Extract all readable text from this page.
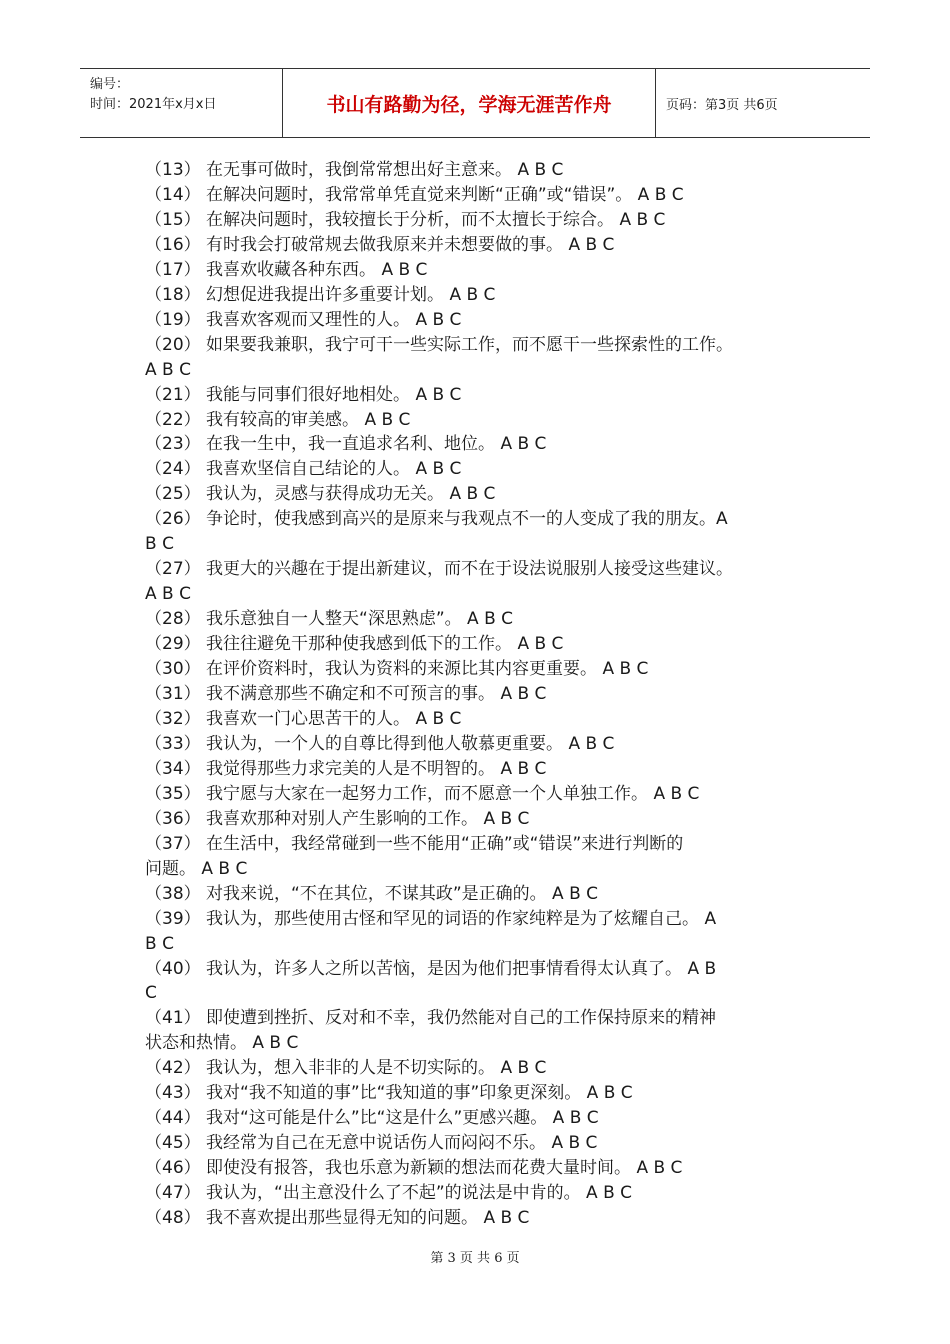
编号：
时间：2021年x月x日	书山有路勤为径，学海无涯苦作舟	页码：第3页 共6页

（13） 在无事可做时，我倒常常想出好主意来。 A B C

（14） 在解决问题时，我常常单凭直觉来判断“正确”或“错误”。 A B C

（15） 在解决问题时，我较擅长于分析，而不太擅长于综合。 A B C

（16） 有时我会打破常规去做我原来并未想要做的事。 A B C

（17） 我喜欢收藏各种东西。 A B C

（18） 幻想促进我提出许多重要计划。 A B C

（19） 我喜欢客观而又理性的人。 A B C

（20） 如果要我兼职，我宁可干一些实际工作，而不愿干一些探索性的工作。

A B C

（21） 我能与同事们很好地相处。 A B C

（22） 我有较高的审美感。 A B C

（23） 在我一生中，我一直追求名利、地位。 A B C

（24） 我喜欢坚信自己结论的人。 A B C

（25） 我认为，灵感与获得成功无关。 A B C

（26） 争论时，使我感到高兴的是原来与我观点不一的人变成了我的朋友。A

B C

（27） 我更大的兴趣在于提出新建议，而不在于设法说服别人接受这些建议。

A B C

（28） 我乐意独自一人整天“深思熟虑”。 A B C

（29） 我往往避免干那种使我感到低下的工作。 A B C

（30） 在评价资料时，我认为资料的来源比其内容更重要。 A B C

（31） 我不满意那些不确定和不可预言的事。 A B C

（32） 我喜欢一门心思苦干的人。 A B C

（33） 我认为，一个人的自尊比得到他人敬慕更重要。 A B C

（34） 我觉得那些力求完美的人是不明智的。 A B C

（35） 我宁愿与大家在一起努力工作，而不愿意一个人单独工作。 A B C

（36） 我喜欢那种对别人产生影响的工作。 A B C

（37） 在生活中，我经常碰到一些不能用“正确”或“错误”来进行判断的

问题。 A B C

（38） 对我来说，“不在其位，不谋其政”是正确的。 A B C

（39） 我认为，那些使用古怪和罕见的词语的作家纯粹是为了炫耀自己。 A

B C

（40） 我认为，许多人之所以苦恼，是因为他们把事情看得太认真了。 A B

C

（41） 即使遭到挫折、反对和不幸，我仍然能对自己的工作保持原来的精神

状态和热情。 A B C

（42） 我认为，想入非非的人是不切实际的。 A B C

（43） 我对“我不知道的事”比“我知道的事”印象更深刻。 A B C

（44） 我对“这可能是什么”比“这是什么”更感兴趣。 A B C

（45） 我经常为自己在无意中说话伤人而闷闷不乐。 A B C

（46） 即使没有报答，我也乐意为新颖的想法而花费大量时间。 A B C

（47） 我认为，“出主意没什么了不起”的说法是中肯的。 A B C

（48） 我不喜欢提出那些显得无知的问题。 A B C

第 3 页 共 6 页
